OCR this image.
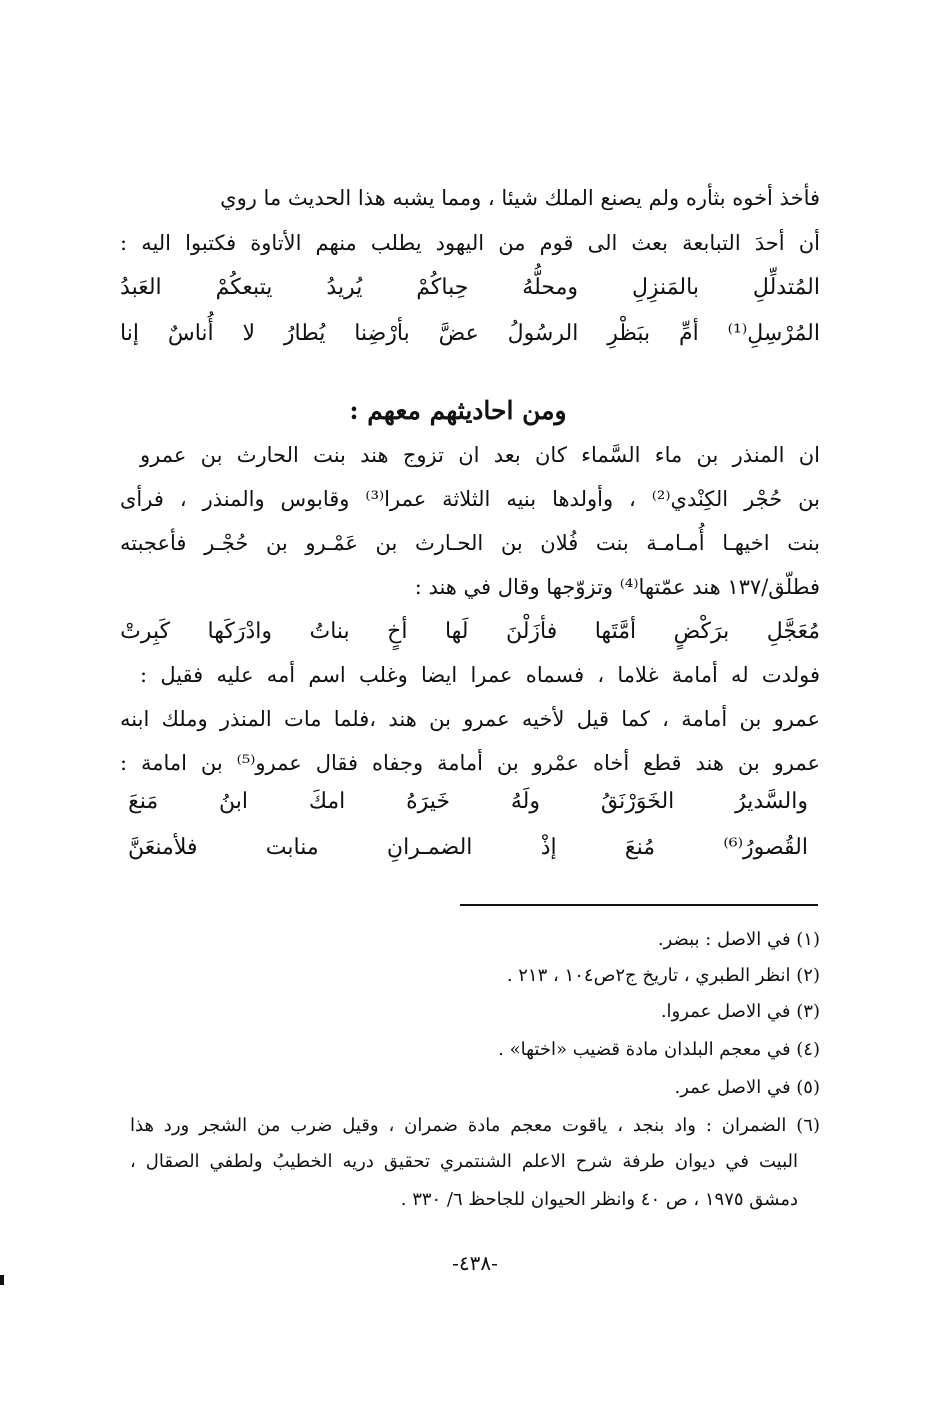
فأخذ أخوه بثأره ولم يصنع الملك شيئا ، ومما يشبه هذا الحديث ما روي
أن أحدَ التبابعة بعث الى قوم من اليهود يطلب منهم الأتاوة فكتبوا اليه :
العَبدُ يتبعكُمْ يُريدُ حِباكُمْ ومحلُّهُ بالمَنزِلِ المُتدلِّلِ
إنا أُناسٌ لا يُطارُ بأرْضِنا عضَّ الرسُولُ ببَظْرِ أمِّ المُرْسِلِ⁽¹⁾
ومن احاديثهم معهم :
ان المنذر بن ماء السَّماء كان بعد ان تزوج هند بنت الحارث بن عمرو
بن حُجْر الكِنْدي⁽²⁾ ، وأولدها بنيه الثلاثة عمرا⁽³⁾ وقابوس والمنذر ، فرأى
بنت اخيهـا أُمـامـة بنت فُلان بن الحـارث بن عَمْـرو بن حُجْـر فأعجبته
فطلّق/١٣٧ هند عمّتها⁽⁴⁾ وتزوّجها وقال في هند :
كَبِرتْ وادْرَكَها بناتُ أخٍ لَها فأزَلْنَ أمَّتَها برَكْضٍ مُعَجَّلِ
فولدت له أمامة غلاما ، فسماه عمرا ايضا وغلب اسم أمه عليه فقيل :
عمرو بن أمامة ، كما قيل لأخيه عمرو بن هند ،فلما مات المنذر وملك ابنه
عمرو بن هند قطع أخاه عمْرو بن أمامة وجفاه فقال عمرو⁽⁵⁾ بن امامة :
مَنعَ	ابنُ	امكَ	خَيرَهُ	ولَهُ	الخَوَرْنَقُ	والسَّديرُ
فلأمنعَنَّ	منابت	الضمـرانِ	إذْ	مُنعَ	القُصورُ⁽⁶⁾
(١) في الاصل : ببضر.
(٢) انظر الطبري ، تاريخ ج٢ص١٠٤ ، ٢١٣ .
(٣) في الاصل عمروا.
(٤) في معجم البلدان مادة قضيب «اختها» .
(٥) في الاصل عمر.
(٦) الضمران : واد بنجد ، ياقوت معجم مادة ضمران ، وقيل ضرب من الشجر ورد هذا
البيت في ديوان طرفة شرح الاعلم الشنتمري تحقيق دريه الخطيبُ ولطفي الصقال ،
دمشق ١٩٧٥ ، ص ٤٠ وانظر الحيوان للجاحظ ٦/ ٣٣٠ .
-٤٣٨-
